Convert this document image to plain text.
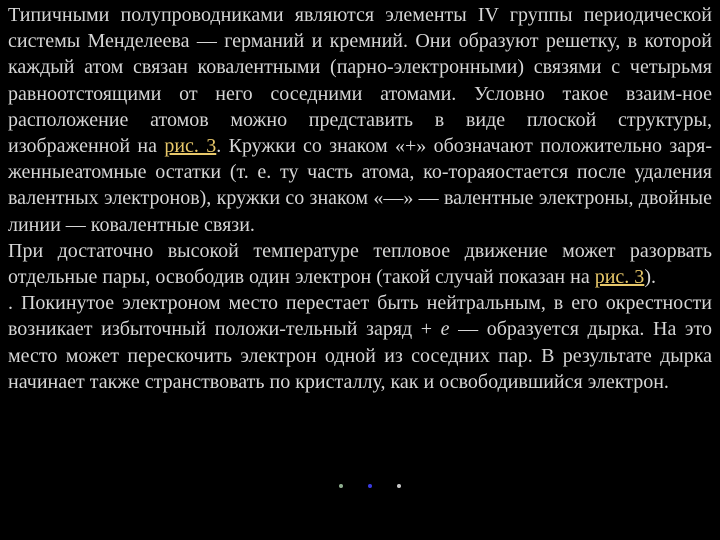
Типичными полупроводниками являются элементы IV группы периодической системы Менделеева — германий и кремний. Они образуют решетку, в которой каждый атом связан ковалентными (парно-электронными) связями с четырьмя равноотстоящими от него соседними атомами. Условно такое взаим-ное расположение атомов можно представить в виде плоской структуры, изображенной на рис. 3. Кружки со знаком «+» обозначают положительно заря-женныеатомные остатки (т. е. ту часть атома, ко-тораяостается после удаления валентных электронов), кружки со знаком «—» — валентные электроны, двойные линии — ковалентные связи.

При достаточно высокой температуре тепловое движение может разорвать отдельные пары, освободив один электрон (такой случай показан на рис. 3).
. Покинутое электроном место перестает быть нейтральным, в его окрестности возникает избыточный положи-тельный заряд + е — образуется дырка. На это место может перескочить электрон одной из соседних пар. В результате дырка начинает также странствовать по кристаллу, как и освободившийся электрон.
